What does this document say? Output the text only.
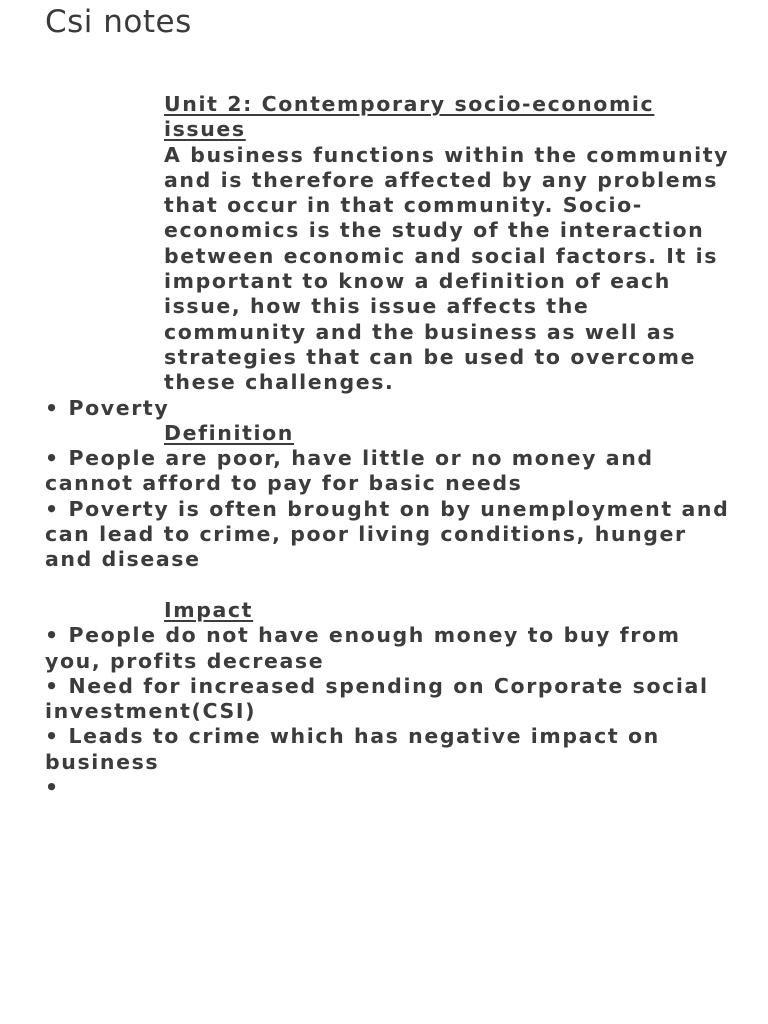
Csi notes
Unit 2: Contemporary socio-economic issues
A business functions within the community and is therefore affected by any problems that occur in that community. Socio-economics is the study of the interaction between economic and social factors. It is important to know a definition of each issue, how this issue affects the community and the business as well as strategies that can be used to overcome these challenges.
• Poverty
Definition
• People are poor, have little or no money and cannot afford to pay for basic needs
• Poverty is often brought on by unemployment and can lead to crime, poor living conditions, hunger and disease
Impact
• People do not have enough money to buy from you, profits decrease
• Need for increased spending on Corporate social investment(CSI)
• Leads to crime which has negative impact on business
•
